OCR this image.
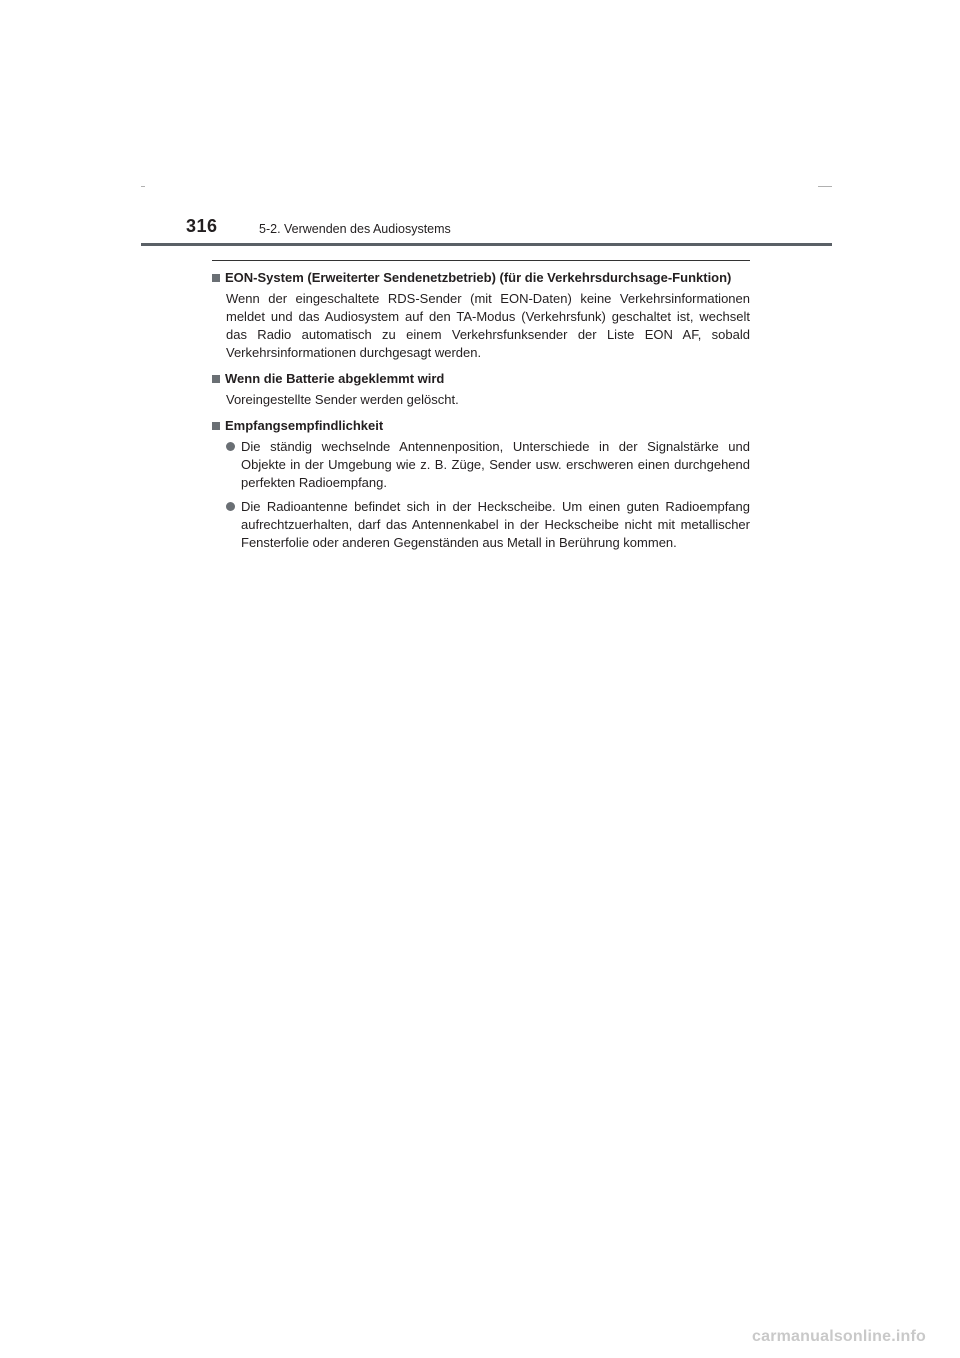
316	5-2. Verwenden des Audiosystems
EON-System (Erweiterter Sendenetzbetrieb) (für die Verkehrsdurchsage-Funktion)
Wenn der eingeschaltete RDS-Sender (mit EON-Daten) keine Verkehrsinformationen meldet und das Audiosystem auf den TA-Modus (Verkehrsfunk) geschaltet ist, wechselt das Radio automatisch zu einem Verkehrsfunksender der Liste EON AF, sobald Verkehrsinformationen durchgesagt werden.
Wenn die Batterie abgeklemmt wird
Voreingestellte Sender werden gelöscht.
Empfangsempfindlichkeit
Die ständig wechselnde Antennenposition, Unterschiede in der Signalstärke und Objekte in der Umgebung wie z. B. Züge, Sender usw. erschweren einen durchgehend perfekten Radioempfang.
Die Radioantenne befindet sich in der Heckscheibe. Um einen guten Radioempfang aufrechtzuerhalten, darf das Antennenkabel in der Heckscheibe nicht mit metallischer Fensterfolie oder anderen Gegenständen aus Metall in Berührung kommen.
carmanualsonline.info
